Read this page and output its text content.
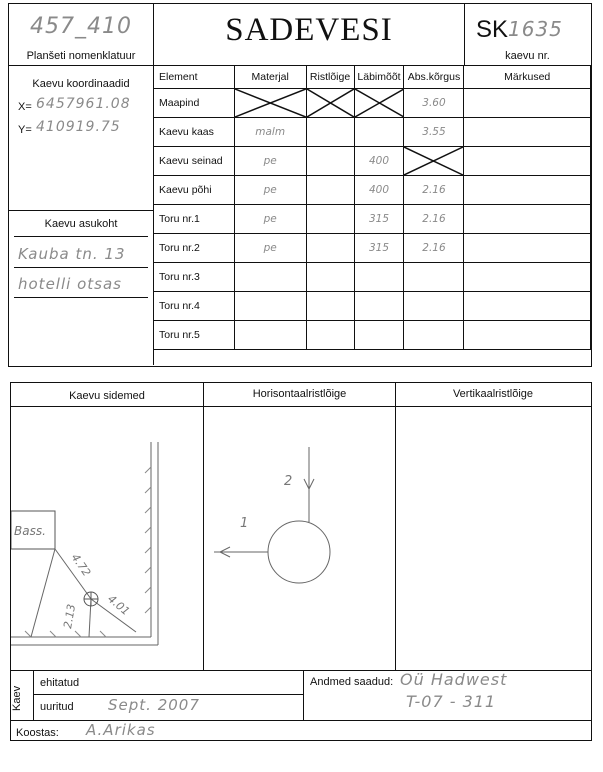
457_410
Planšeti nomenklatuur
SADEVESI	SK 1635
kaevu nr.
Kaevu koordinaadid
X= 6457961.08
Y= 410919.75
Kaevu asukoht
Kauba tn. 13
hotelli otsas
Element	Materjal	Ristlõige	Läbimõõt	Abs.kõrgus	Märkused
Maapind				3.60	
Kaevu kaas	malm			3.55	
Kaevu seinad	pe		400	

Kaevu põhi	pe		400	2.16	
Toru nr.1	pe		315	2.16	
Toru nr.2	pe		315	2.16	
Toru nr.3					
Toru nr.4					
Toru nr.5					
Kaevu sidemed	Horisontaalristlõige	Vertikaalristlõige
Bass.
4.72
2.13 4.01
2
1
Kaev
ehitatud
uuritud Sept. 2007
Andmed saadud: Oü Hadwest
T-07 - 311
Koostas: A.Arikas
